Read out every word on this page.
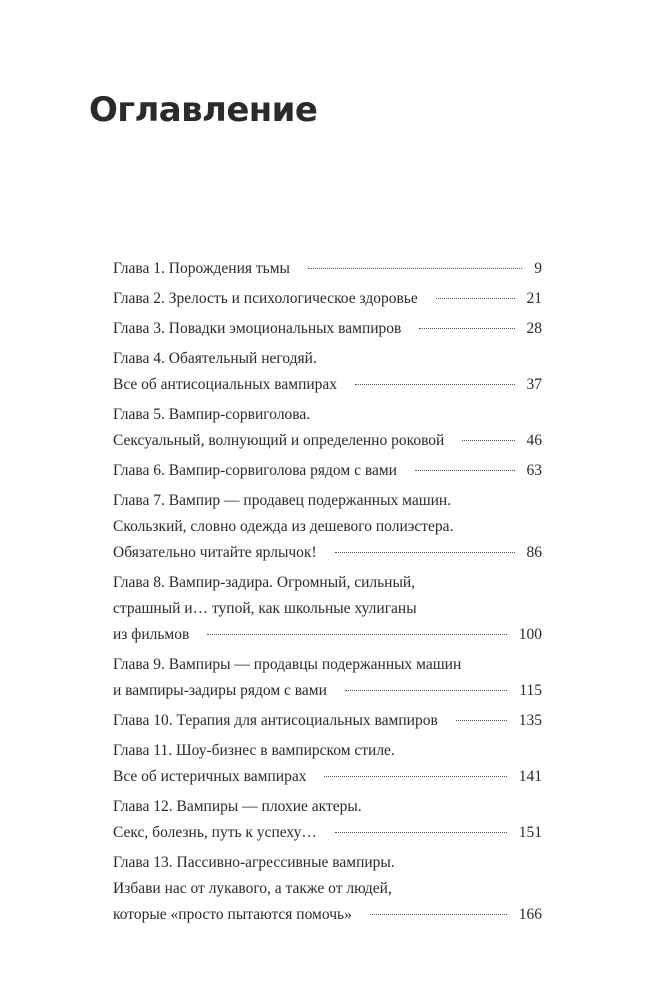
Оглавление
Глава 1. Порождения тьмы	9
Глава 2. Зрелость и психологическое здоровье	21
Глава 3. Повадки эмоциональных вампиров	28
Глава 4. Обаятельный негодяй.
Все об антисоциальных вампирах	37
Глава 5. Вампир-сорвиголова.
Сексуальный, волнующий и определенно роковой	46
Глава 6. Вампир-сорвиголова рядом с вами	63
Глава 7. Вампир — продавец подержанных машин.
Скользкий, словно одежда из дешевого полиэстера.
Обязательно читайте ярлычок!	86
Глава 8. Вампир-задира. Огромный, сильный,
страшный и… тупой, как школьные хулиганы
из фильмов	100
Глава 9. Вампиры — продавцы подержанных машин
и вампиры-задиры рядом с вами	115
Глава 10. Терапия для антисоциальных вампиров	135
Глава 11. Шоу-бизнес в вампирском стиле.
Все об истеричных вампирах	141
Глава 12. Вампиры — плохие актеры.
Секс, болезнь, путь к успеху…	151
Глава 13. Пассивно-агрессивные вампиры.
Избави нас от лукавого, а также от людей,
которые «просто пытаются помочь»	166
